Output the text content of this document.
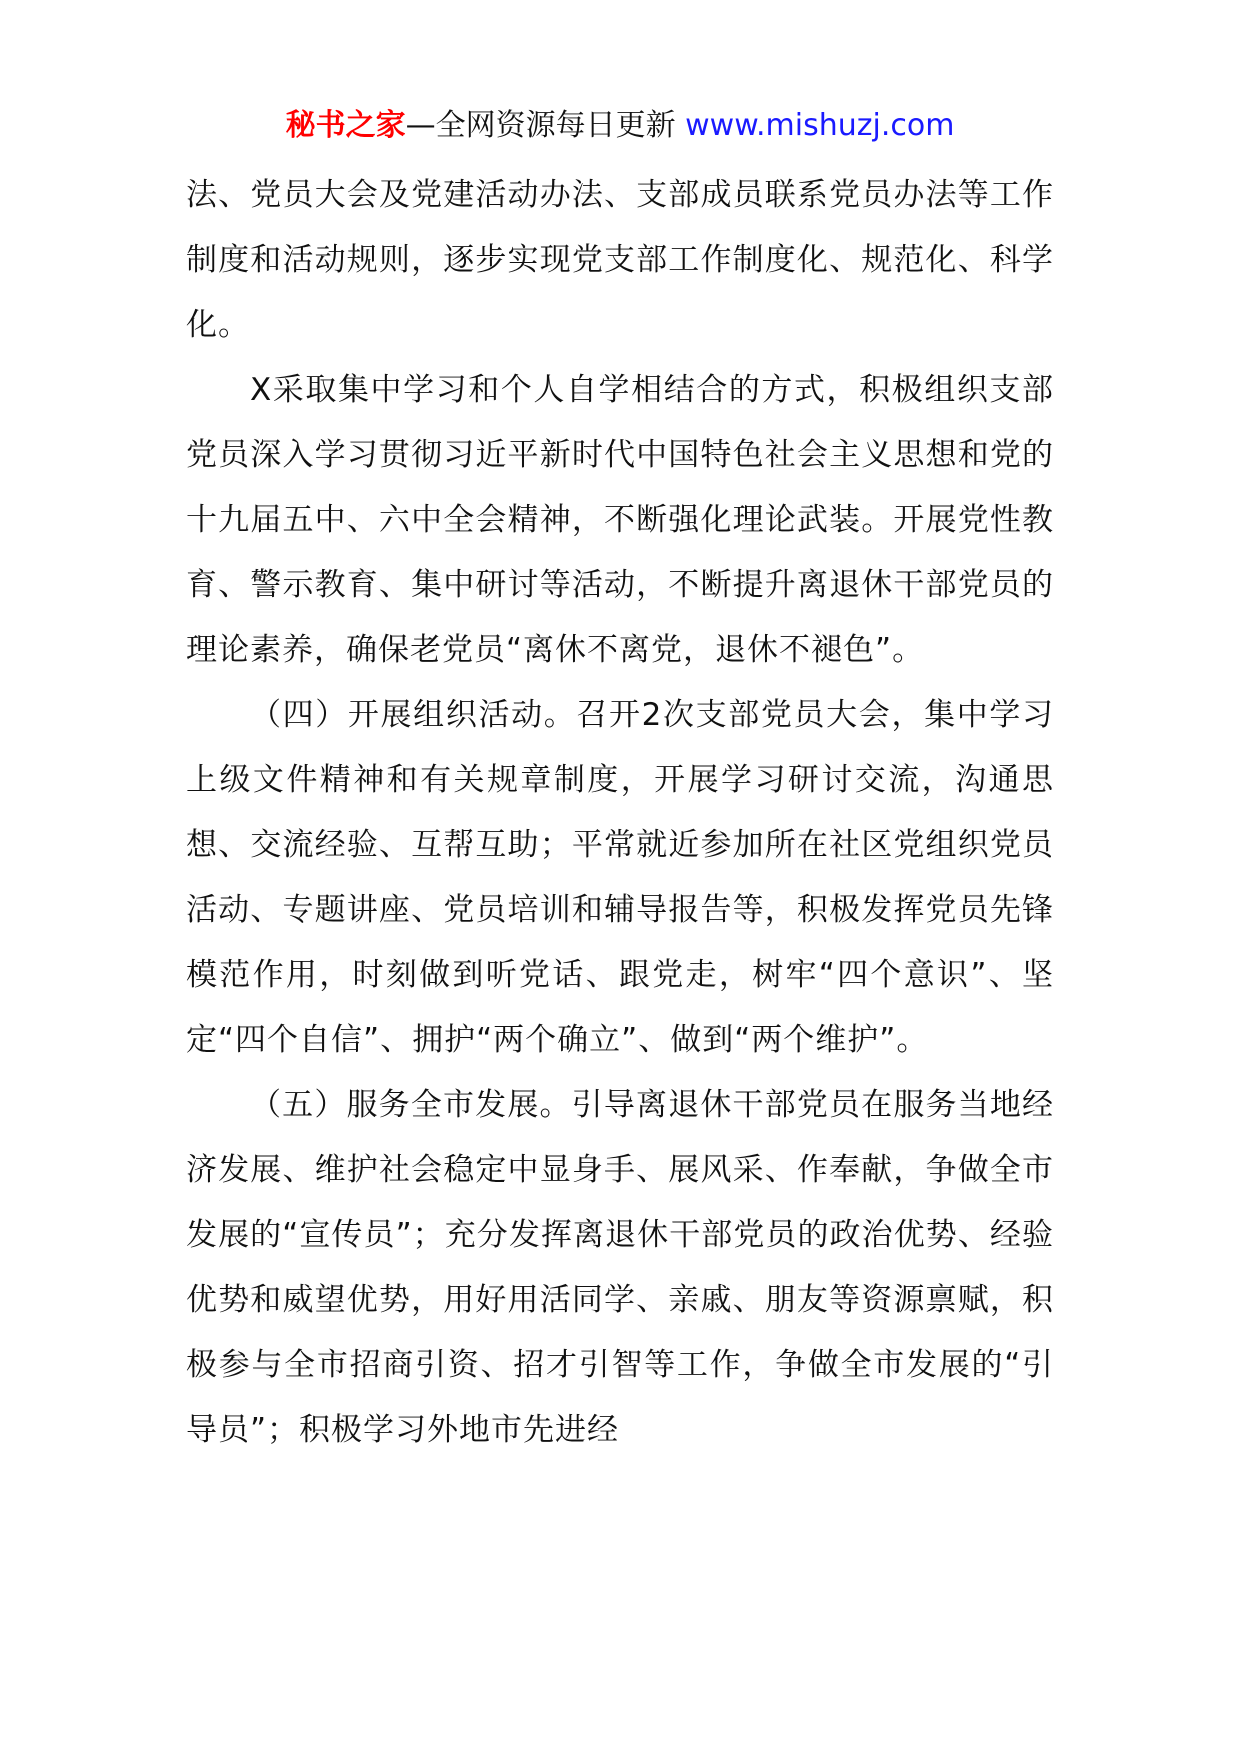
秘书之家—全网资源每日更新 www.mishuzj.com

法、党员大会及党建活动办法、支部成员联系党员办法等工作制度和活动规则，逐步实现党支部工作制度化、规范化、科学化。

X采取集中学习和个人自学相结合的方式，积极组织支部党员深入学习贯彻习近平新时代中国特色社会主义思想和党的十九届五中、六中全会精神，不断强化理论武装。开展党性教育、警示教育、集中研讨等活动，不断提升离退休干部党员的理论素养，确保老党员“离休不离党，退休不褪色”。

（四）开展组织活动。召开2次支部党员大会，集中学习上级文件精神和有关规章制度，开展学习研讨交流，沟通思想、交流经验、互帮互助；平常就近参加所在社区党组织党员活动、专题讲座、党员培训和辅导报告等，积极发挥党员先锋模范作用，时刻做到听党话、跟党走，树牢“四个意识”、坚定“四个自信”、拥护“两个确立”、做到“两个维护”。

（五）服务全市发展。引导离退休干部党员在服务当地经济发展、维护社会稳定中显身手、展风采、作奉献，争做全市发展的“宣传员”；充分发挥离退休干部党员的政治优势、经验优势和威望优势，用好用活同学、亲戚、朋友等资源禀赋，积极参与全市招商引资、招才引智等工作，争做全市发展的“引导员”；积极学习外地市先进经
